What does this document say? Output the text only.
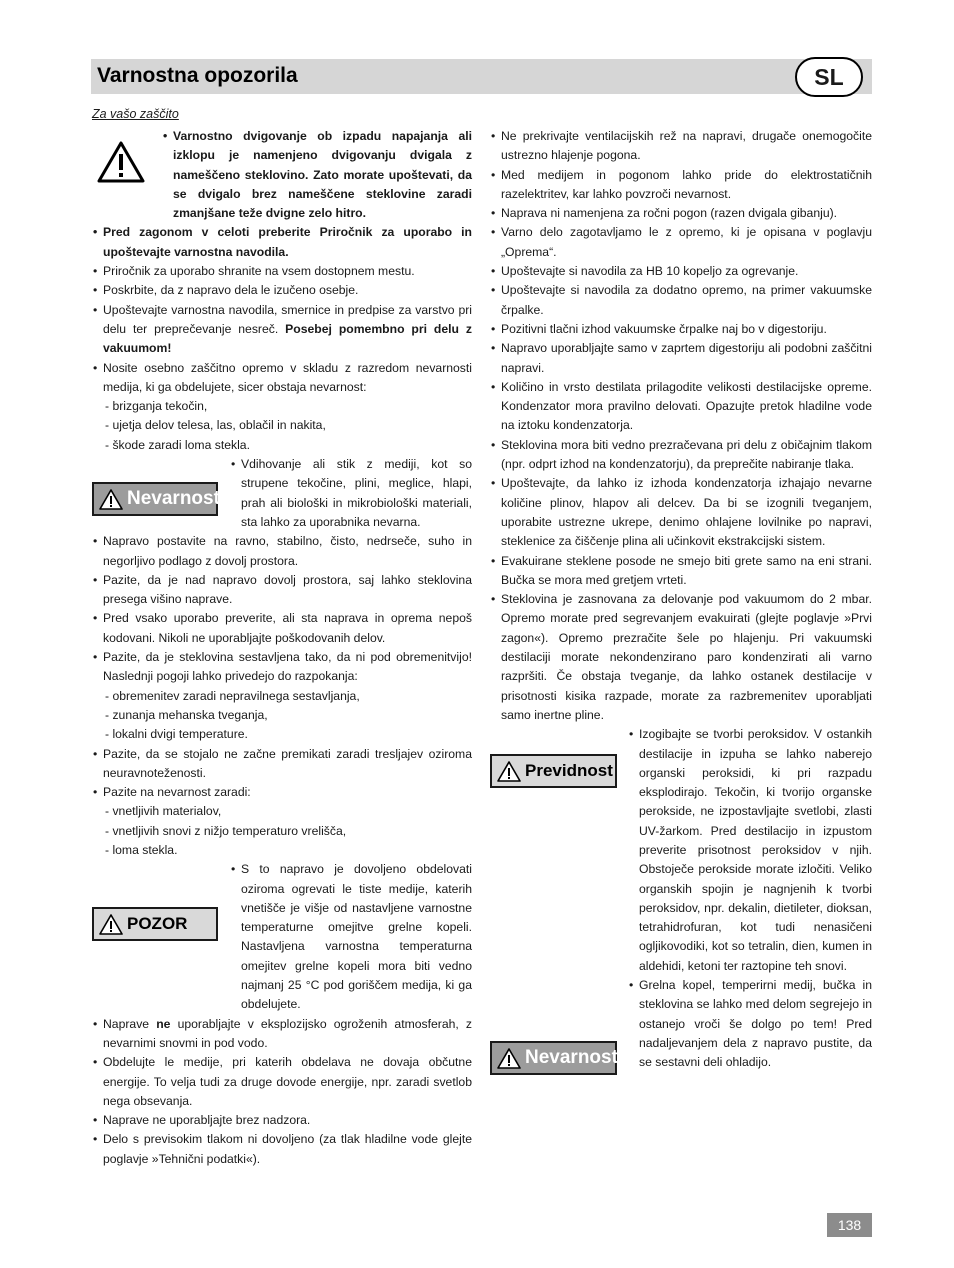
Varnostna opozorila	SL
Za vašo zaščito
Nevarnost
POZOR
Previdnost
Nevarnost
• Varnostno dvigovanje ob izpadu napajanja ali izklopu je namenjeno dvigovanju dvigala z nameščeno steklovino. Zato morate upoštevati, da se dvigalo brez nameščene steklovine zaradi zmanjšane teže dvigne zelo hitro.
• Pred zagonom v celoti preberite Priročnik za uporabo in upoštevajte varnostna navodila.
• Priročnik za uporabo shranite na vsem dostopnem mestu.
• Poskrbite, da z napravo dela le izučeno osebje.
• Upoštevajte varnostna navodila, smernice in predpise za varstvo pri delu ter preprečevanje nesreč. Posebej pomembno pri delu z vakuumom!
• Nosite osebno zaščitno opremo v skladu z razredom nevarnosti medija, ki ga obdelujete, sicer obstaja nevarnost:
- brizganja tekočin,
- ujetja delov telesa, las, oblačil in nakita,
- škode zaradi loma stekla.
• Vdihovanje ali stik z mediji, kot so strupene tekočine, plini, meglice, hlapi, prah ali biološki in mikrobiološki materiali, sta lahko za uporabnika nevarna.
• Napravo postavite na ravno, stabilno, čisto, nedrseče, suho in negorljivo podlago z dovolj prostora.
• Pazite, da je nad napravo dovolj prostora, saj lahko steklovina presega višino naprave.
• Pred vsako uporabo preverite, ali sta naprava in oprema nepoš kodovani. Nikoli ne uporabljajte poškodovanih delov.
• Pazite, da je steklovina sestavljena tako, da ni pod obremenitvijo! Naslednji pogoji lahko privedejo do razpokanja:
- obremenitev zaradi nepravilnega sestavljanja,
- zunanja mehanska tveganja,
- lokalni dvigi temperature.
• Pazite, da se stojalo ne začne premikati zaradi tresljajev oziroma neuravnoteženosti.
• Pazite na nevarnost zaradi:
- vnetljivih materialov,
- vnetljivih snovi z nižjo temperaturo vrelišča,
- loma stekla.
• S to napravo je dovoljeno obdelovati oziroma ogrevati le tiste medije, katerih vnetišče je višje od nastavljene varnostne temperaturne omejitve grelne kopeli. Nastavljena varnostna temperaturna omejitev grelne kopeli mora biti vedno najmanj 25 °C pod goriščem medija, ki ga obdelujete.
• Naprave ne uporabljajte v eksplozijsko ogroženih atmosferah, z nevarnimi snovmi in pod vodo.
• Obdelujte le medije, pri katerih obdelava ne dovaja občutne energije. To velja tudi za druge dovode energije, npr. zaradi svetlob nega obsevanja.
• Naprave ne uporabljajte brez nadzora.
• Delo s previsokim tlakom ni dovoljeno (za tlak hladilne vode glejte poglavje »Tehnični podatki«).
• Ne prekrivajte ventilacijskih rež na napravi, drugače onemogočite ustrezno hlajenje pogona.
• Med medijem in pogonom lahko pride do elektrostatičnih razelektritev, kar lahko povzroči nevarnost.
• Naprava ni namenjena za ročni pogon (razen dvigala gibanju).
• Varno delo zagotavljamo le z opremo, ki je opisana v poglavju „Oprema“.
• Upoštevajte si navodila za HB 10 kopeljo za ogrevanje.
• Upoštevajte si navodila za dodatno opremo, na primer vakuumske črpalke.
• Pozitivni tlačni izhod vakuumske črpalke naj bo v digestoriju.
• Napravo uporabljajte samo v zaprtem digestoriju ali podobni zaščitni napravi.
• Količino in vrsto destilata prilagodite velikosti destilacijske opreme. Kondenzator mora pravilno delovati. Opazujte pretok hladilne vode na iztoku kondenzatorja.
• Steklovina mora biti vedno prezračevana pri delu z običajnim tlakom (npr. odprt izhod na kondenzatorju), da preprečite nabiranje tlaka.
• Upoštevajte, da lahko iz izhoda kondenzatorja izhajajo nevarne količine plinov, hlapov ali delcev. Da bi se izognili tveganjem, uporabite ustrezne ukrepe, denimo ohlajene lovilnike po napravi, steklenice za čiščenje plina ali učinkovit ekstrakcijski sistem.
• Evakuirane steklene posode ne smejo biti grete samo na eni strani. Bučka se mora med gretjem vrteti.
• Steklovina je zasnovana za delovanje pod vakuumom do 2 mbar. Opremo morate pred segrevanjem evakuirati (glejte poglavje »Prvi zagon«). Opremo prezračite šele po hlajenju. Pri vakuumski destilaciji morate nekondenzirano paro kondenzirati ali varno razpršiti. Če obstaja tveganje, da lahko ostanek destilacije v prisotnosti kisika razpade, morate za razbremenitev uporabljati samo inertne pline.
• Izogibajte se tvorbi peroksidov. V ostankih destilacije in izpuha se lahko naberejo organski peroksidi, ki pri razpadu eksplodirajo. Tekočin, ki tvorijo organske perokside, ne izpostavljajte svetlobi, zlasti UV-žarkom. Pred destilacijo in izpustom preverite prisotnost peroksidov v njih. Obstoječe perokside morate izločiti. Veliko organskih spojin je nagnjenih k tvorbi peroksidov, npr. dekalin, dietileter, dioksan, tetrahidrofuran, kot tudi nenasičeni ogljikovodiki, kot so tetralin, dien, kumen in aldehidi, ketoni ter raztopine teh snovi.
• Grelna kopel, temperirni medij, bučka in steklovina se lahko med delom segrejejo in ostanejo vroči še dolgo po tem! Pred nadaljevanjem dela z napravo pustite, da se sestavni deli ohladijo.
138
